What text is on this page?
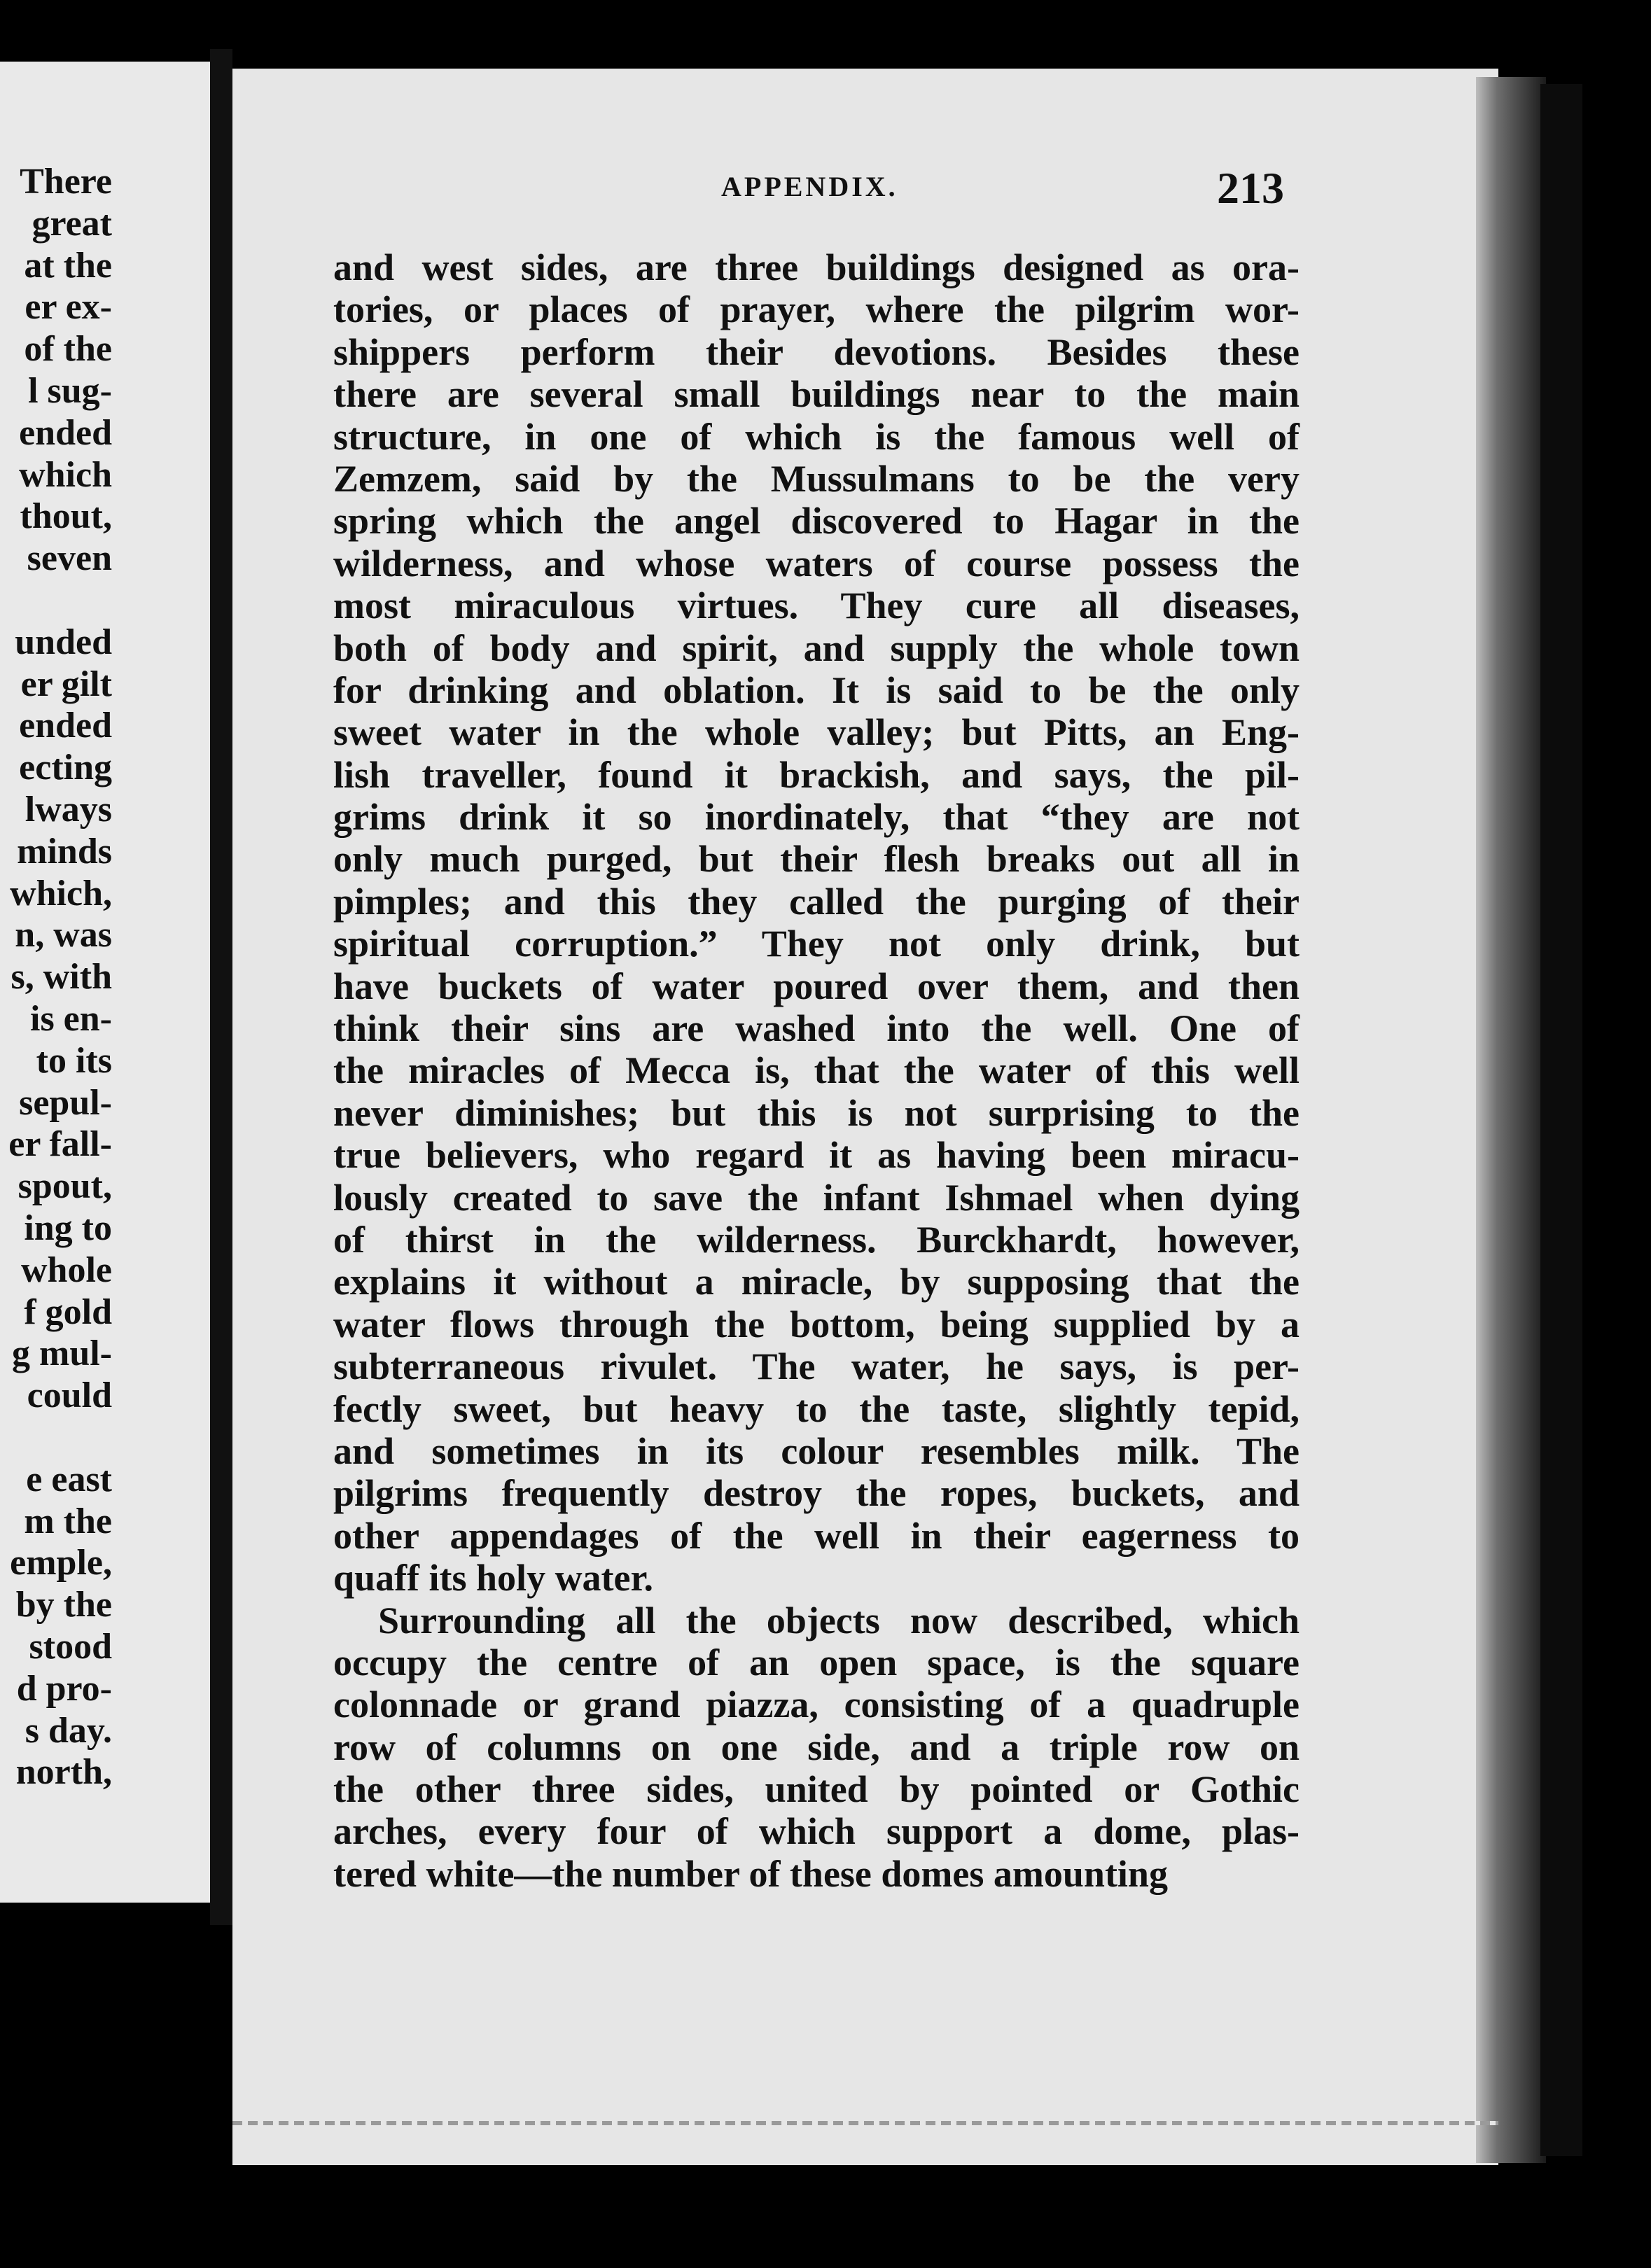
There
great
at the
er ex-
of the
l sug-
ended
which
thout,
seven
unded
er gilt
ended
ecting
lways
minds
which,
n, was
s, with
is en-
to its
sepul-
er fall-
spout,
ing to
whole
f gold
g mul-
could
e east
m the
emple,
by the
stood
d pro-
s day.
north,
APPENDIX.	213
and west sides, are three buildings designed as ora-
tories, or places of prayer, where the pilgrim wor-
shippers perform their devotions. Besides these
there are several small buildings near to the main
structure, in one of which is the famous well of
Zemzem, said by the Mussulmans to be the very
spring which the angel discovered to Hagar in the
wilderness, and whose waters of course possess the
most miraculous virtues. They cure all diseases,
both of body and spirit, and supply the whole town
for drinking and oblation. It is said to be the only
sweet water in the whole valley; but Pitts, an Eng-
lish traveller, found it brackish, and says, the pil-
grims drink it so inordinately, that “they are not
only much purged, but their flesh breaks out all in
pimples; and this they called the purging of their
spiritual corruption.” They not only drink, but
have buckets of water poured over them, and then
think their sins are washed into the well. One of
the miracles of Mecca is, that the water of this well
never diminishes; but this is not surprising to the
true believers, who regard it as having been miracu-
lously created to save the infant Ishmael when dying
of thirst in the wilderness. Burckhardt, however,
explains it without a miracle, by supposing that the
water flows through the bottom, being supplied by a
subterraneous rivulet. The water, he says, is per-
fectly sweet, but heavy to the taste, slightly tepid,
and sometimes in its colour resembles milk. The
pilgrims frequently destroy the ropes, buckets, and
other appendages of the well in their eagerness to
quaff its holy water.
Surrounding all the objects now described, which
occupy the centre of an open space, is the square
colonnade or grand piazza, consisting of a quadruple
row of columns on one side, and a triple row on
the other three sides, united by pointed or Gothic
arches, every four of which support a dome, plas-
tered white—the number of these domes amounting
